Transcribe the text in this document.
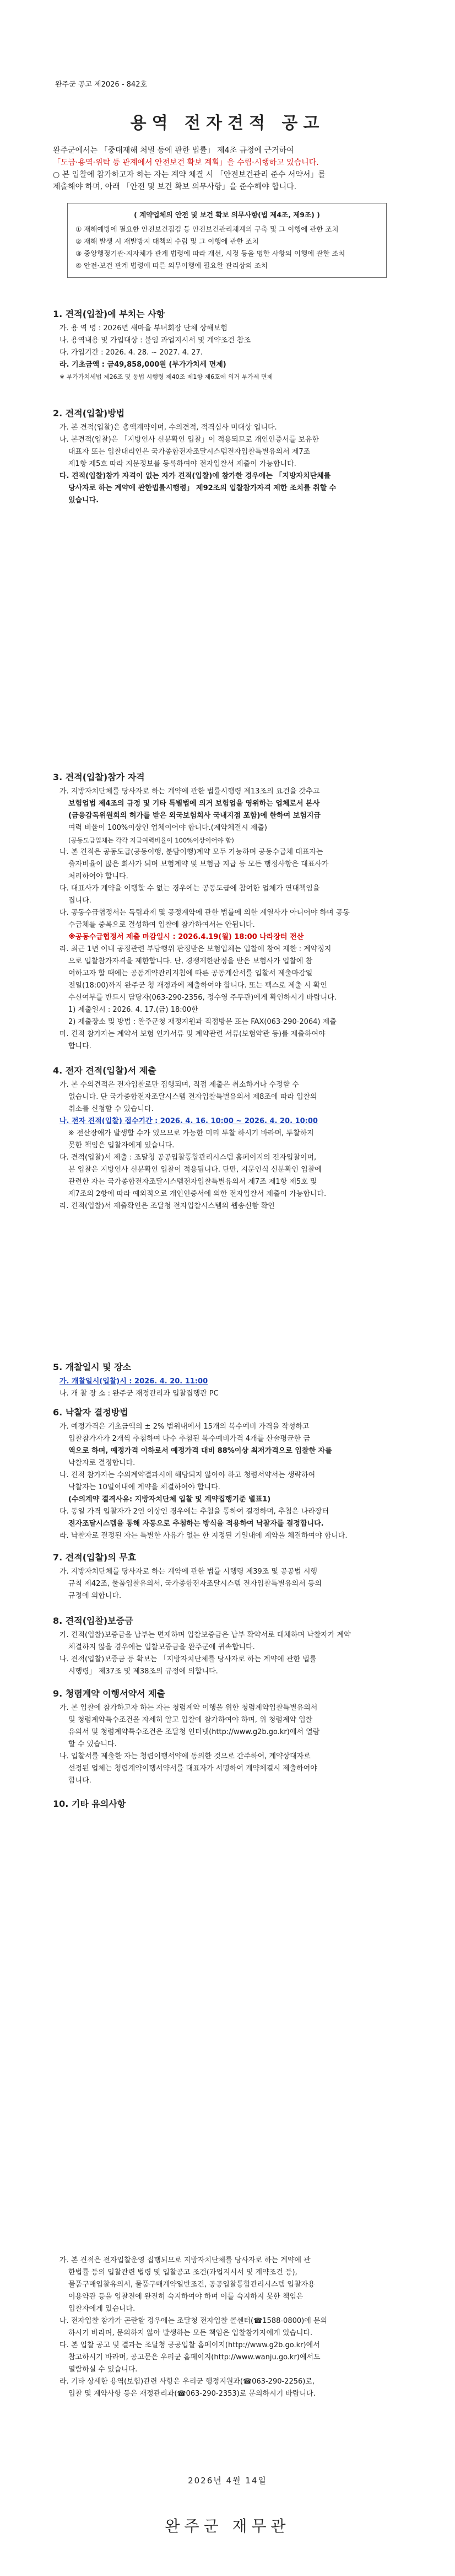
완주군 공고 제2026 - 842호
용역 전자견적 공고
완주군에서는 「중대재해 처벌 등에 관한 법률」 제4조 규정에 근거하여
「도급·용역·위탁 등 관계에서 안전보건 확보 계획」을 수립·시행하고 있습니다.
○ 본 입찰에 참가하고자 하는 자는 계약 체결 시 「안전보건관리 준수 서약서」를
제출해야 하며, 아래 「안전 및 보건 확보 의무사항」을 준수해야 합니다.
( 계약업체의 안전 및 보건 확보 의무사항(법 제4조, 제9조) )
① 재해예방에 필요한 안전보건점검 등 안전보건관리체계의 구축 및 그 이행에 관한 조치
② 재해 발생 시 재발방지 대책의 수립 및 그 이행에 관한 조치
③ 중앙행정기관·지자체가 관계 법령에 따라 개선, 시정 등을 명한 사항의 이행에 관한 조치
④ 안전·보건 관계 법령에 따른 의무이행에 필요한 관리상의 조치
1. 견적(입찰)에 부치는 사항

가. 용 역 명 : 2026년 새마을 부녀회장 단체 상해보험

나. 용역내용 및 가입대상 : 붙임 과업지시서 및 계약조건 참조

다. 가입기간 : 2026. 4. 28. ~ 2027. 4. 27.

라. 기초금액 : 금49,858,000원 (부가가치세 면제)

※ 부가가치세법 제26조 및 동법 시행령 제40조 제1항 제6호에 의거 부가세 면제

2. 견적(입찰)방법

가. 본 견적(입찰)은 총액계약이며, 수의견적, 적격심사 미대상 입니다.

나. 본견적(입찰)은 「지방인사 신분확인 입찰」이 적용되므로 개인인증서를 보유한

대표자 또는 입찰대리인은 국가종합전자조달시스템전자입찰특별유의서 제7조

제1항 제5호 따라 지문정보를 등록하여야 전자입찰서 제출이 가능합니다.

다. 견적(입찰)참가 자격이 없는 자가 견적(입찰)에 참가한 경우에는 「지방자치단체를

당사자로 하는 계약에 관한법률시행령」 제92조의 입찰참가자격 제한 조치를 취할 수

있습니다.

3. 견적(입찰)참가 자격

가. 지방자치단체를 당사자로 하는 계약에 관한 법률시행령 제13조의 요건을 갖추고

보험업법 제4조의 규정 및 기타 특별법에 의거 보험업을 영위하는 업체로서 본사

(금융감독위원회의 허가를 받은 외국보험회사 국내지점 포함)에 한하여 보험지급

여력 비율이 100%이상인 업체이어야 합니다.(계약체결시 제출)

(공동도급업체는 각각 지급여력비율이 100%이상이어야 함)

나. 본 견적은 공동도급(공동이행, 분담이행)계약 모두 가능하며 공동수급체 대표자는

출자비율이 많은 회사가 되며 보험계약 및 보험금 지급 등 모든 행정사항은 대표사가

처리하여야 합니다.

다. 대표사가 계약을 이행할 수 없는 경우에는 공동도급에 참여한 업체가 연대책임을

집니다.

다. 공동수급협정서는 독립과제 및 공정계약에 관한 법률에 의한 계열사가 아니어야 하며 공동

수급체를 중복으로 결성하여 입찰에 참가하여서는 안됩니다.

※공동수급협정서 제출 마감일시 : 2026.4.19(월) 18:00 나라장터 전산

라. 최근 1년 이내 공정관련 부당행위 판정받은 보험업체는 입찰에 참여 제한 : 계약정지

으로 입찰참가자격을 제한합니다. 단, 경쟁제한판정을 받은 보험사가 입찰에 참

여하고자 할 때에는 공동계약관리지침에 따른 공동계산서를 입찰서 제출마감일

전일(18:00)까지 완주군 청 재정과에 제출하여야 합니다. 또는 팩스로 제출 시 확인

수신여부를 반드시 담당자(063-290-2356, 정수영 주무관)에게 확인하시기 바랍니다.

1) 제출일시 : 2026. 4. 17.(금) 18:00한

2) 제출장소 및 방법 : 완주군청 재정지원과 직접방문 또는 FAX(063-290-2064) 제출

마. 견적 참가자는 계약서 보험 인가서류 및 계약관련 서류(보험약관 등)를 제출하여야

합니다.

4. 전자 견적(입찰)서 제출

가. 본 수의견적은 전자입찰로만 집행되며, 직접 제출은 취소하거나 수정할 수

없습니다. 단 국가종합전자조달시스템 전자입찰특별유의서 제8조에 따라 입찰의

취소를 신청할 수 있습니다.

나. 전자 견적(입찰) 접수기간 : 2026. 4. 16. 10:00 ~ 2026. 4. 20. 10:00

※ 전산장애가 발생할 수가 있으므로 가능한 미리 투찰 하시기 바라며, 투찰하지

못한 책임은 입찰자에게 있습니다.

다. 견적(입찰)서 제출 : 조달청 공공입찰통합관리시스템 홈페이지의 전자입찰이며,

본 입찰은 지방인사 신분확인 입찰이 적용됩니다. 단만, 지문인식 신분확인 입찰에

관련한 자는 국가종합전자조달시스템전자입찰특별유의서 제7조 제1항 제5호 및

제7조의 2항에 따라 예외적으로 개인인증서에 의한 전자입찰서 제출이 가능합니다.

라. 견적(입찰)서 제출확인은 조달청 전자입찰시스템의 웹송신함 확인

5. 개찰일시 및 장소

가. 개찰일시(입찰)시 : 2026. 4. 20. 11:00

나. 개 찰 장 소 : 완주군 재정관리과 입찰집행관 PC

6. 낙찰자 결정방법

가. 예정가격은 기초금액의 ± 2% 범위내에서 15개의 복수예비 가격을 작성하고

입찰참가자가 2개씩 추첨하여 다수 추첨된 복수예비가격 4개를 산술평균한 금

액으로 하며, 예정가격 이하로서 예정가격 대비 88%이상 최저가격으로 입찰한 자를

낙찰자로 결정합니다.

나. 견적 참가자는 수의계약결과시에 해당되지 않아야 하고 청렴서약서는 생략하여

낙찰자는 10일이내에 계약을 체결하여야 합니다.

(수의계약 결격사유: 지방자치단체 입찰 및 계약집행기준 별표1)

다. 동일 가격 입찰자가 2인 이상인 경우에는 추첨을 통하여 결정하며, 추첨은 나라장터

전자조달시스템을 통해 자동으로 추첨하는 방식을 적용하여 낙찰자를 결정합니다.

라. 낙찰자로 결정된 자는 특별한 사유가 없는 한 지정된 기일내에 계약을 체결하여야 합니다.

7. 견적(입찰)의 무효

가. 지방자치단체를 당사자로 하는 계약에 관한 법률 시행령 제39조 및 공공법 시행

규칙 제42조, 물품입찰유의서, 국가종합전자조달시스템 전자입찰특별유의서 등의

규정에 의합니다.

8. 견적(입찰)보증금

가. 견적(입찰)보증금을 납부는 면제하며 입찰보증금은 납부 확약서로 대체하며 낙찰자가 계약

체결하지 않을 경우에는 입찰보증금을 완주군에 귀속합니다.

나. 견적(입찰)보증금 등 확보는 「지방자치단체를 당사자로 하는 계약에 관한 법률

시행령」 제37조 및 제38조의 규정에 의합니다.

9. 청렴계약 이행서약서 제출

가. 본 입찰에 참가하고자 하는 자는 청렴계약 이행을 위한 청렴계약입찰특별유의서

및 청렴계약특수조건을 자세히 알고 입찰에 참가하여야 하며, 위 청렴계약 입찰

유의서 및 청렴계약특수조건은 조달청 인터넷(http://www.g2b.go.kr)에서 열람

할 수 있습니다.

나. 입찰서를 제출한 자는 청렴이행서약에 동의한 것으로 간주하여, 계약상대자로

선정된 업체는 청렴계약이행서약서를 대표자가 서명하여 계약체결시 제출하여야

합니다.

10. 기타 유의사항

가. 본 견적은 전자입찰운영 집행되므로 지방자치단체를 당사자로 하는 계약에 관

한법률 등의 입찰관련 법령 및 입찰공고 조건(과업지시서 및 계약조건 등),

물품구매입찰유의서, 물품구매계약일반조건, 공공입찰통합관리시스템 입찰자용

이용약관 등을 입찰전에 완전히 숙지하여야 하며 이를 숙지하지 못한 책임은

입찰자에게 있습니다.

나. 전자입찰 참가가 곤란할 경우에는 조달청 전자입찰 콜센터(☎1588-0800)에 문의

하시기 바라며, 문의하지 않아 발생하는 모든 책임은 입찰참가자에게 있습니다.

다. 본 입찰 공고 및 결과는 조달청 공공입찰 홈페이지(http://www.g2b.go.kr)에서

참고하시기 바라며, 공고문은 우리군 홈페이지(http://www.wanju.go.kr)에서도

열람하실 수 있습니다.

라. 기타 상세한 용역(보험)관련 사항은 우리군 행정지원과(☎063-290-2256)로,

입찰 및 계약사항 등은 재정관리과(☎063-290-2353)로 문의하시기 바랍니다.

2026년 4월 14일
완주군 재무관
